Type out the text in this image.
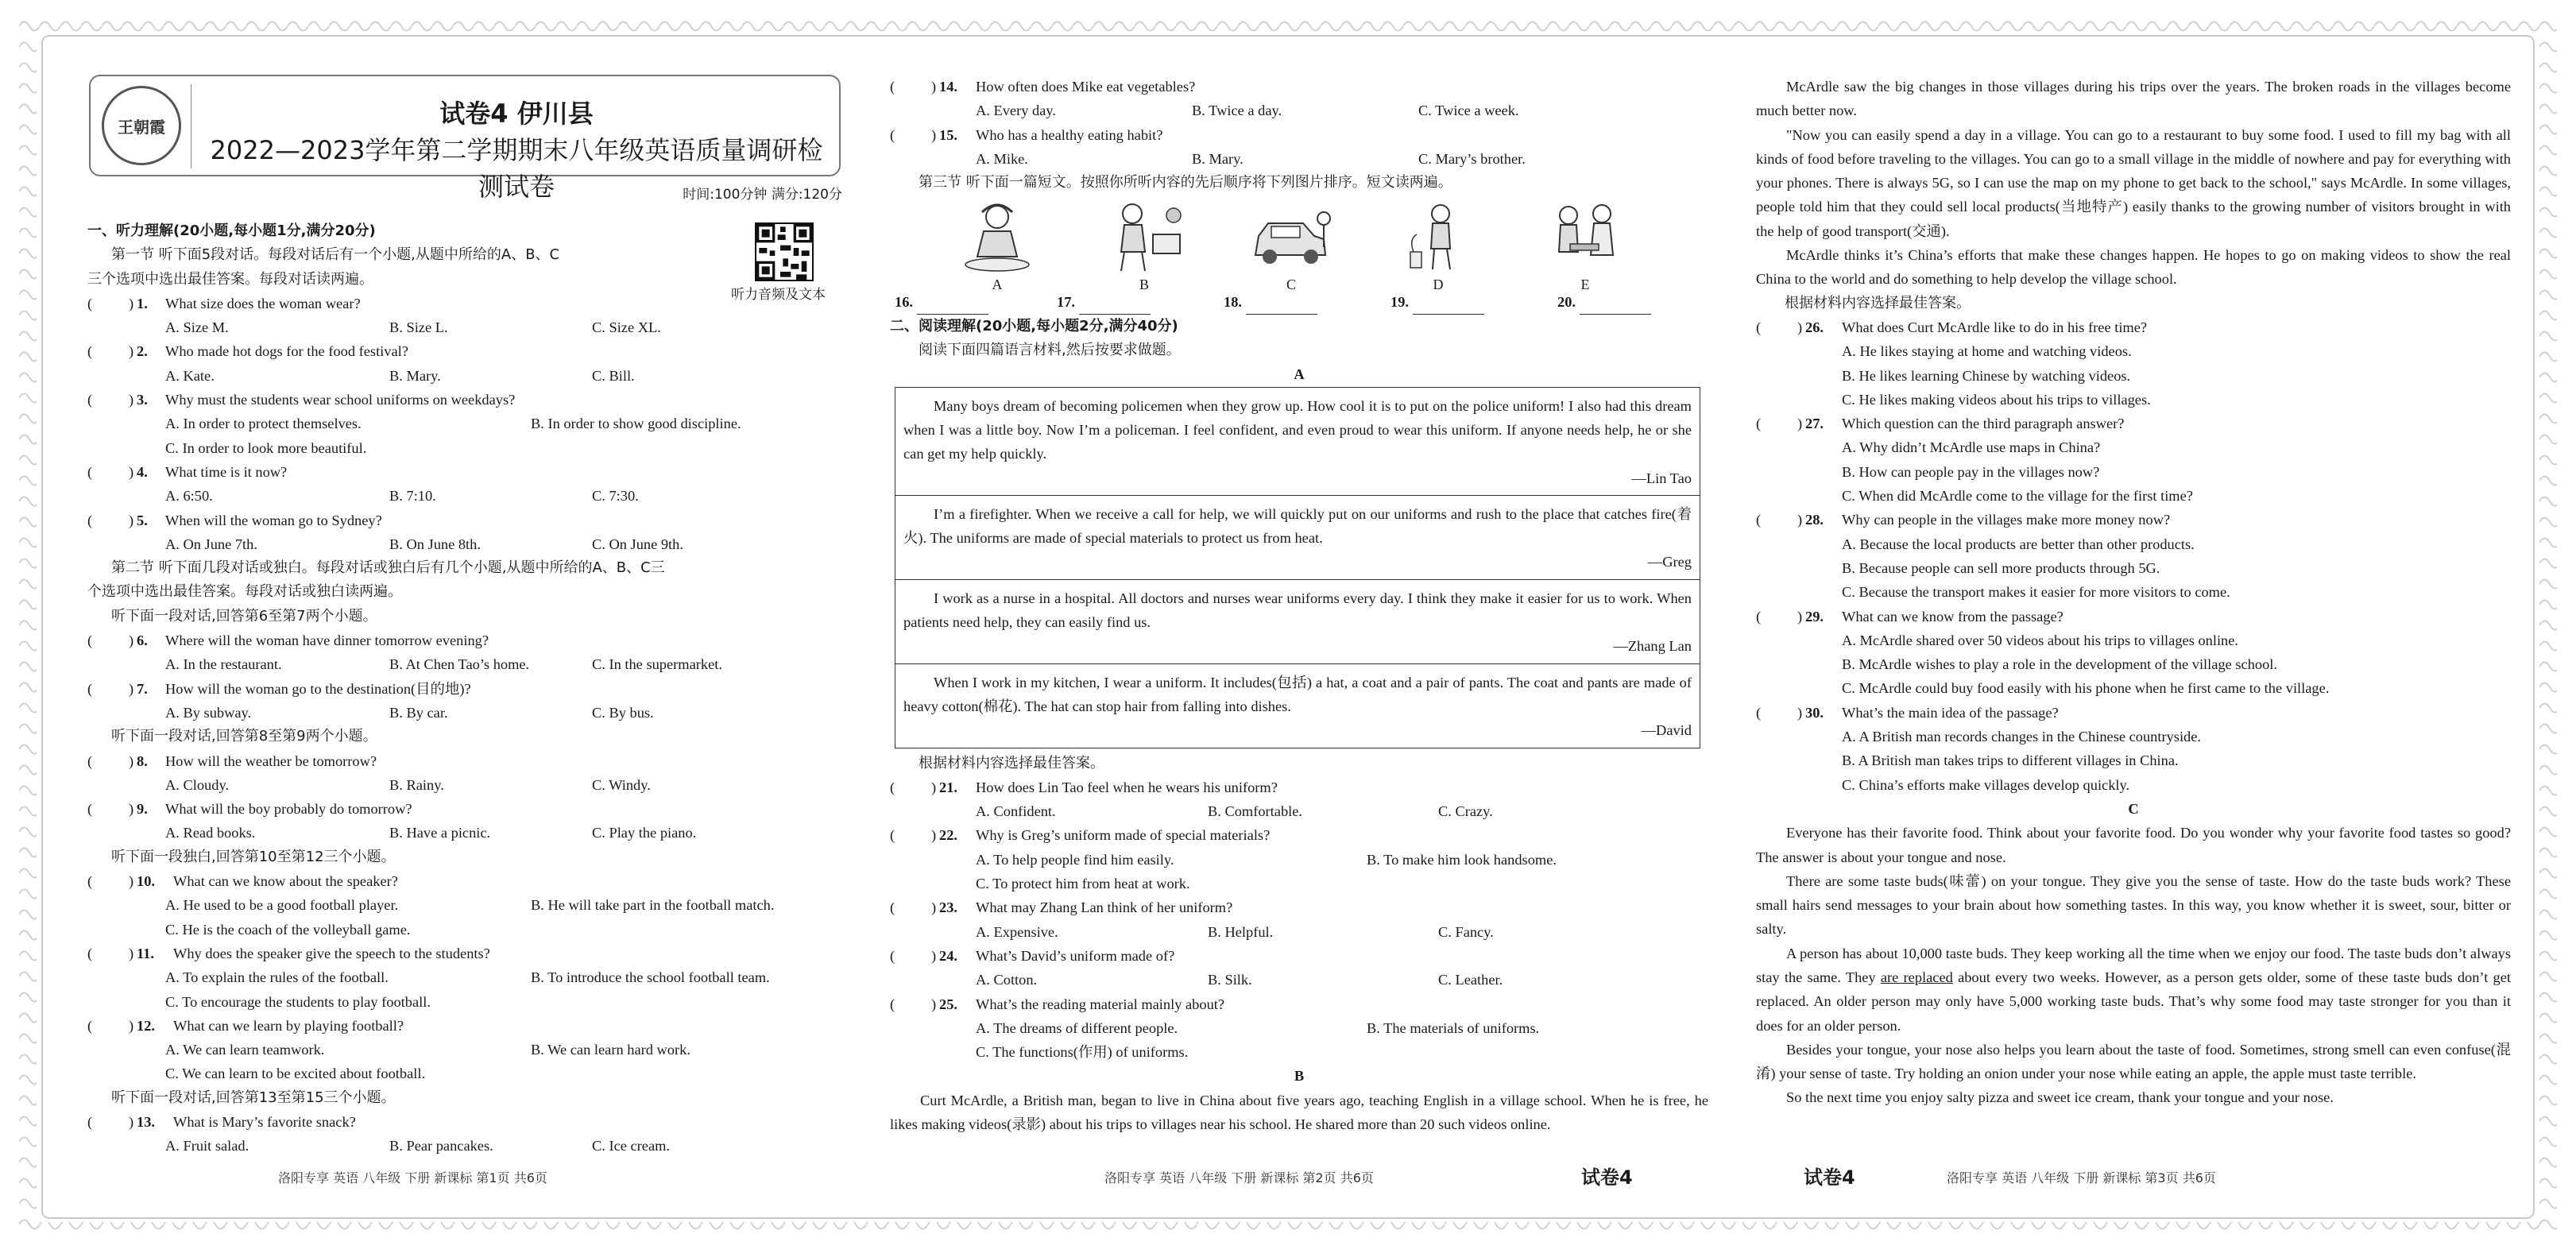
王朝霞	试卷4 伊川县
2022—2023学年第二学期期末八年级英语质量调研检测试卷	时间:100分钟 满分:120分
听力音频及文本
一、听力理解(20小题,每小题1分,满分20分)
第一节 听下面5段对话。每段对话后有一个小题,从题中所给的A、B、C
三个选项中选出最佳答案。每段对话读两遍。
( ) 1. What size does the woman wear?
A. Size M.	B. Size L.	C. Size XL.
( ) 2. Who made hot dogs for the food festival?
A. Kate.	B. Mary.	C. Bill.
( ) 3. Why must the students wear school uniforms on weekdays?
A. In order to protect themselves.	B. In order to show good discipline.
C. In order to look more beautiful.
( ) 4. What time is it now?
A. 6:50.	B. 7:10.	C. 7:30.
( ) 5. When will the woman go to Sydney?
A. On June 7th.	B. On June 8th.	C. On June 9th.
第二节 听下面几段对话或独白。每段对话或独白后有几个小题,从题中所给的A、B、C三
个选项中选出最佳答案。每段对话或独白读两遍。
听下面一段对话,回答第6至第7两个小题。
( ) 6. Where will the woman have dinner tomorrow evening?
A. In the restaurant.	B. At Chen Tao’s home.	C. In the supermarket.
( ) 7. How will the woman go to the destination(目的地)?
A. By subway.	B. By car.	C. By bus.
听下面一段对话,回答第8至第9两个小题。
( ) 8. How will the weather be tomorrow?
A. Cloudy.	B. Rainy.	C. Windy.
( ) 9. What will the boy probably do tomorrow?
A. Read books.	B. Have a picnic.	C. Play the piano.
听下面一段独白,回答第10至第12三个小题。
( ) 10. What can we know about the speaker?
A. He used to be a good football player.	B. He will take part in the football match.
C. He is the coach of the volleyball game.
( ) 11. Why does the speaker give the speech to the students?
A. To explain the rules of the football.	B. To introduce the school football team.
C. To encourage the students to play football.
( ) 12. What can we learn by playing football?
A. We can learn teamwork.	B. We can learn hard work.
C. We can learn to be excited about football.
听下面一段对话,回答第13至第15三个小题。
( ) 13. What is Mary’s favorite snack?
A. Fruit salad.	B. Pear pancakes.	C. Ice cream.
( ) 14. How often does Mike eat vegetables?
A. Every day.	B. Twice a day.	C. Twice a week.
( ) 15. Who has a healthy eating habit?
A. Mike.	B. Mary.	C. Mary’s brother.
第三节 听下面一篇短文。按照你所听内容的先后顺序将下列图片排序。短文读两遍。
A	B	C	D	E
16.	17.	18.	19.	20.
二、阅读理解(20小题,每小题2分,满分40分)
阅读下面四篇语言材料,然后按要求做题。
A

Many boys dream of becoming policemen when they grow up. How cool it is to put on the police uniform! I also had this dream when I was a little boy. Now I’m a policeman. I feel confident, and even proud to wear this uniform. If anyone needs help, he or she can get my help quickly.

—Lin Tao

I’m a firefighter. When we receive a call for help, we will quickly put on our uniforms and rush to the place that catches fire(着火). The uniforms are made of special materials to protect us from heat.

—Greg

I work as a nurse in a hospital. All doctors and nurses wear uniforms every day. I think they make it easier for us to work. When patients need help, they can easily find us.

—Zhang Lan

When I work in my kitchen, I wear a uniform. It includes(包括) a hat, a coat and a pair of pants. The coat and pants are made of heavy cotton(棉花). The hat can stop hair from falling into dishes.

—David
根据材料内容选择最佳答案。
( ) 21. How does Lin Tao feel when he wears his uniform?
A. Confident.	B. Comfortable.	C. Crazy.
( ) 22. Why is Greg’s uniform made of special materials?
A. To help people find him easily.	B. To make him look handsome.
C. To protect him from heat at work.
( ) 23. What may Zhang Lan think of her uniform?
A. Expensive.	B. Helpful.	C. Fancy.
( ) 24. What’s David’s uniform made of?
A. Cotton.	B. Silk.	C. Leather.
( ) 25. What’s the reading material mainly about?
A. The dreams of different people.	B. The materials of uniforms.
C. The functions(作用) of uniforms.
B

Curt McArdle, a British man, began to live in China about five years ago, teaching English in a village school. When he is free, he likes making videos(录影) about his trips to villages near his school. He shared more than 20 such videos online.

McArdle saw the big changes in those villages during his trips over the years. The broken roads in the villages become much better now.

"Now you can easily spend a day in a village. You can go to a restaurant to buy some food. I used to fill my bag with all kinds of food before traveling to the villages. You can go to a small village in the middle of nowhere and pay for everything with your phones. There is always 5G, so I can use the map on my phone to get back to the school," says McArdle. In some villages, people told him that they could sell local products(当地特产) easily thanks to the growing number of visitors brought in with the help of good transport(交通).

McArdle thinks it’s China’s efforts that make these changes happen. He hopes to go on making videos to show the real China to the world and do something to help develop the village school.

根据材料内容选择最佳答案。
( ) 26. What does Curt McArdle like to do in his free time?
A. He likes staying at home and watching videos.
B. He likes learning Chinese by watching videos.
C. He likes making videos about his trips to villages.
( ) 27. Which question can the third paragraph answer?
A. Why didn’t McArdle use maps in China?
B. How can people pay in the villages now?
C. When did McArdle come to the village for the first time?
( ) 28. Why can people in the villages make more money now?
A. Because the local products are better than other products.
B. Because people can sell more products through 5G.
C. Because the transport makes it easier for more visitors to come.
( ) 29. What can we know from the passage?
A. McArdle shared over 50 videos about his trips to villages online.
B. McArdle wishes to play a role in the development of the village school.
C. McArdle could buy food easily with his phone when he first came to the village.
( ) 30. What’s the main idea of the passage?
A. A British man records changes in the Chinese countryside.
B. A British man takes trips to different villages in China.
C. China’s efforts make villages develop quickly.
C

Everyone has their favorite food. Think about your favorite food. Do you wonder why your favorite food tastes so good? The answer is about your tongue and nose.

There are some taste buds(味蕾) on your tongue. They give you the sense of taste. How do the taste buds work? These small hairs send messages to your brain about how something tastes. In this way, you know whether it is sweet, sour, bitter or salty.

A person has about 10,000 taste buds. They keep working all the time when we enjoy our food. The taste buds don’t always stay the same. They are replaced about every two weeks. However, as a person gets older, some of these taste buds don’t get replaced. An older person may only have 5,000 working taste buds. That’s why some food may taste stronger for you than it does for an older person.

Besides your tongue, your nose also helps you learn about the taste of food. Sometimes, strong smell can even confuse(混淆) your sense of taste. Try holding an onion under your nose while eating an apple, the apple must taste terrible.

So the next time you enjoy salty pizza and sweet ice cream, thank your tongue and your nose.

洛阳专享 英语 八年级 下册 新课标 第1页 共6页	洛阳专享 英语 八年级 下册 新课标 第2页 共6页	试卷4	试卷4	洛阳专享 英语 八年级 下册 新课标 第3页 共6页
